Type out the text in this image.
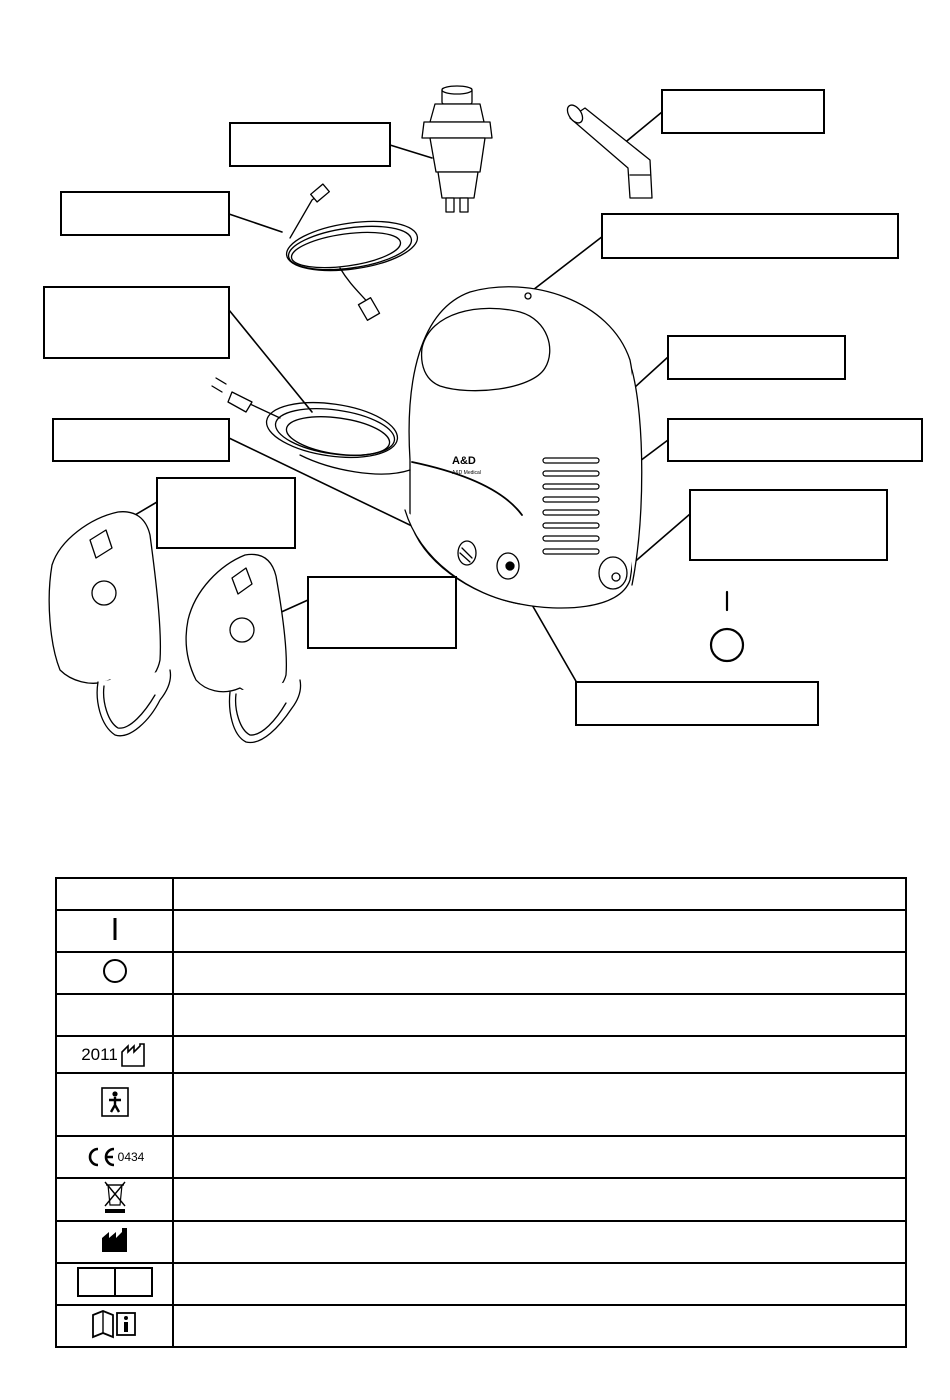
A&D
A&D Medical

2011	

0434	
